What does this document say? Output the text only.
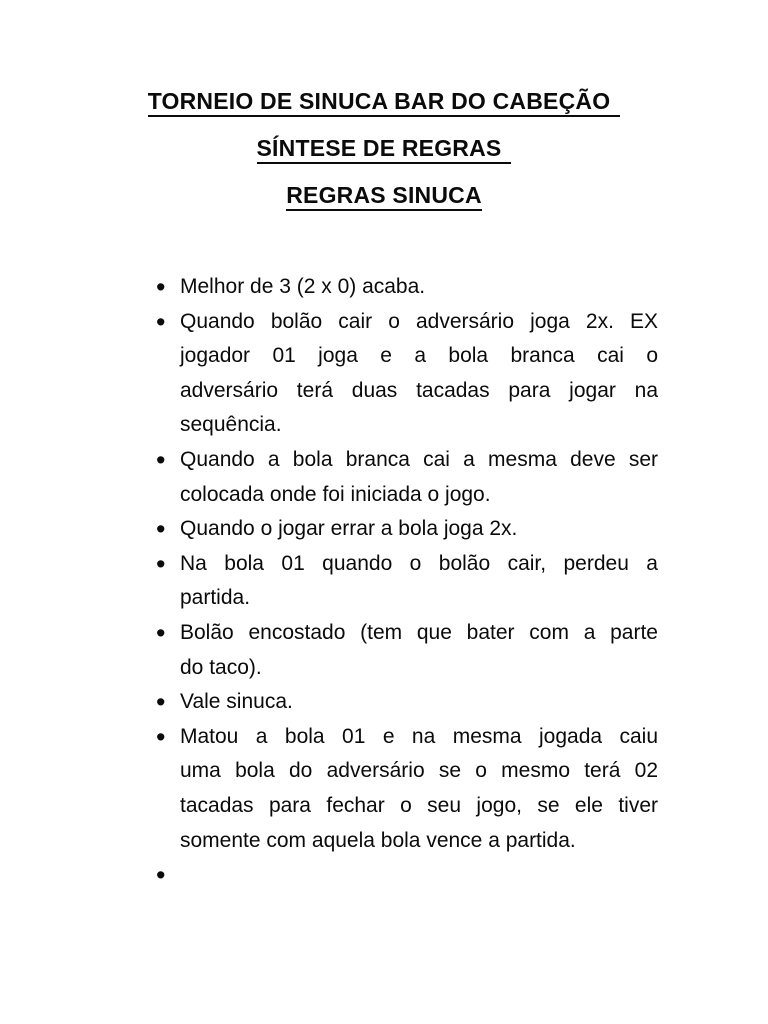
TORNEIO DE SINUCA BAR DO CABEÇÃO
SÍNTESE DE REGRAS
REGRAS SINUCA
• Melhor de 3 (2 x 0) acaba.
• Quando bolão cair o adversário joga 2x. EX
jogador 01 joga e a bola branca cai o
adversário terá duas tacadas para jogar na
sequência.
• Quando a bola branca cai a mesma deve ser
colocada onde foi iniciada o jogo.
• Quando o jogar errar a bola joga 2x.
• Na bola 01 quando o bolão cair, perdeu a
partida.
• Bolão encostado (tem que bater com a parte
do taco).
• Vale sinuca.
• Matou a bola 01 e na mesma jogada caiu
uma bola do adversário se o mesmo terá 02
tacadas para fechar o seu jogo, se ele tiver
somente com aquela bola vence a partida.
•
